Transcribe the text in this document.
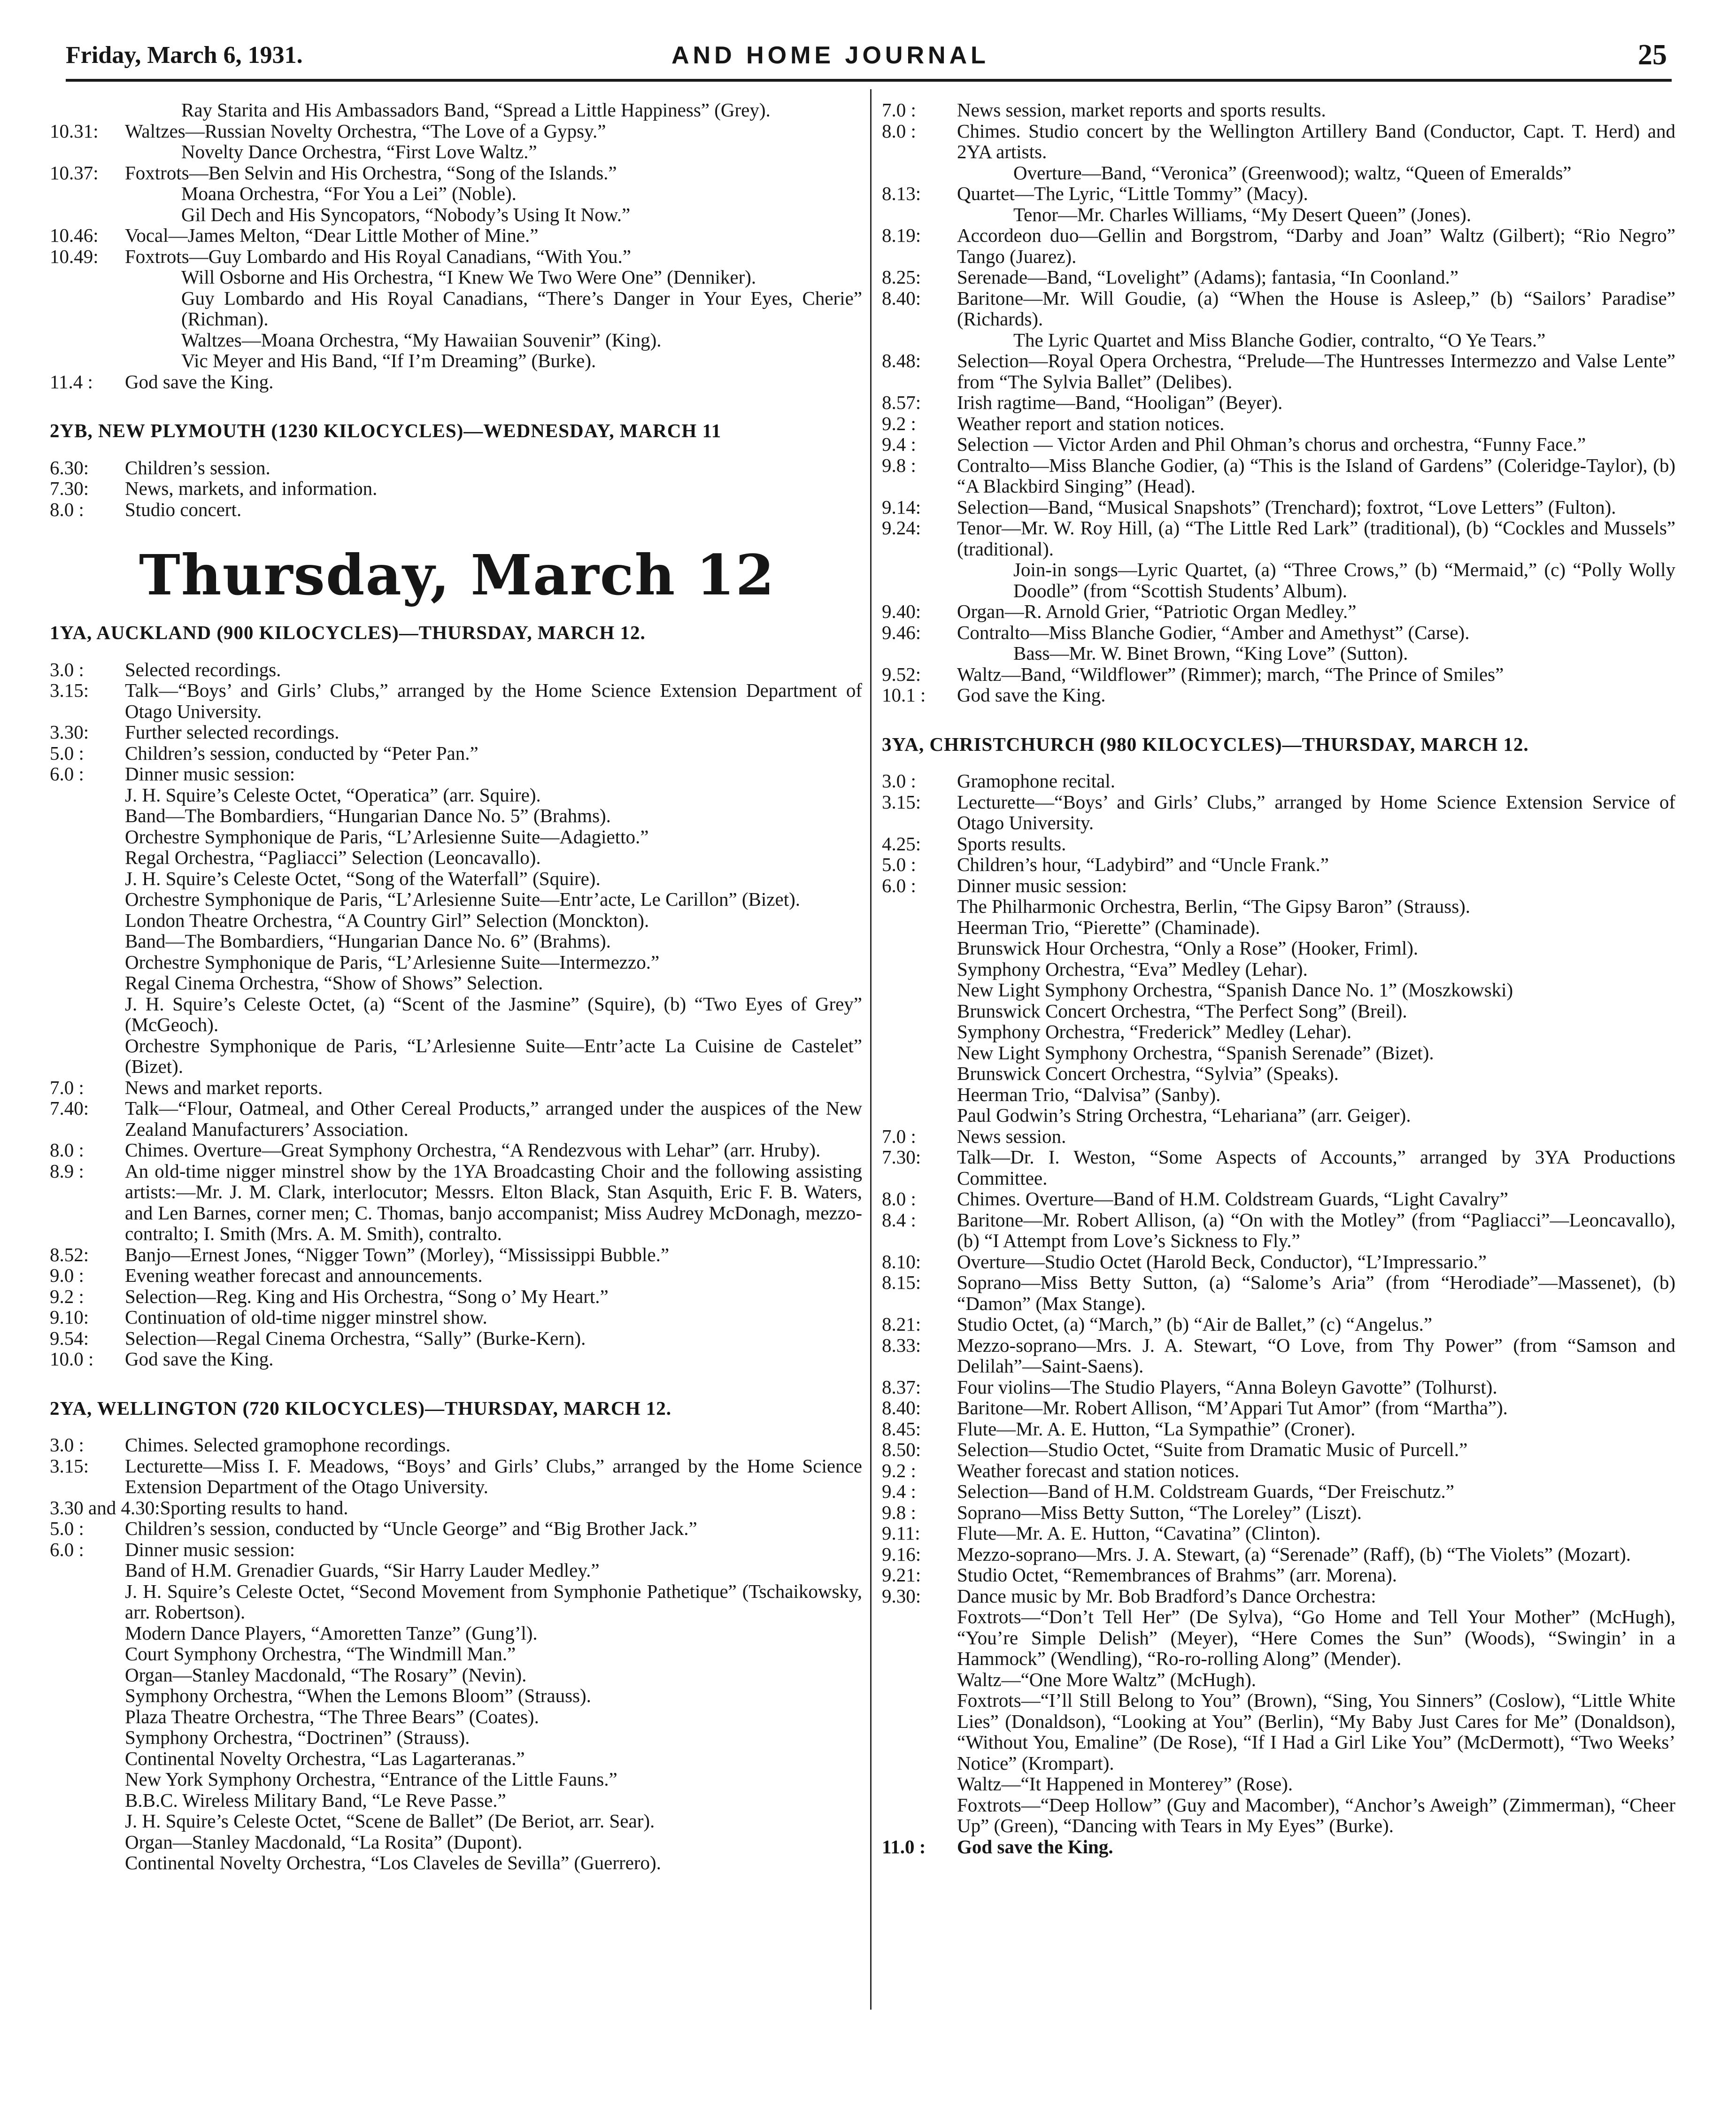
Friday, March 6, 1931.	AND HOME JOURNAL	25
Ray Starita and His Ambassadors Band, “Spread a Little Happiness” (Grey).
10.31:	Waltzes—Russian Novelty Orchestra, “The Love of a Gypsy.”
Novelty Dance Orchestra, “First Love Waltz.”
10.37:	Foxtrots—Ben Selvin and His Orchestra, “Song of the Islands.”
Moana Orchestra, “For You a Lei” (Noble).
Gil Dech and His Syncopators, “Nobody’s Using It Now.”
10.46:	Vocal—James Melton, “Dear Little Mother of Mine.”
10.49:	Foxtrots—Guy Lombardo and His Royal Canadians, “With You.”
Will Osborne and His Orchestra, “I Knew We Two Were One” (Denniker).
Guy Lombardo and His Royal Canadians, “There’s Danger in Your Eyes, Cherie” (Richman).
Waltzes—Moana Orchestra, “My Hawaiian Souvenir” (King).
Vic Meyer and His Band, “If I’m Dreaming” (Burke).
11.4 :	God save the King.
2YB, NEW PLYMOUTH (1230 KILOCYCLES)—WEDNESDAY, MARCH 11
6.30:	Children’s session.
7.30:	News, markets, and information.
8.0 :	Studio concert.
Thursday, March 12
1YA, AUCKLAND (900 KILOCYCLES)—THURSDAY, MARCH 12.
3.0 :	Selected recordings.
3.15:	Talk—“Boys’ and Girls’ Clubs,” arranged by the Home Science Extension Department of Otago University.
3.30:	Further selected recordings.
5.0 :	Children’s session, conducted by “Peter Pan.”
6.0 :	Dinner music session:
J. H. Squire’s Celeste Octet, “Operatica” (arr. Squire).
Band—The Bombardiers, “Hungarian Dance No. 5” (Brahms).
Orchestre Symphonique de Paris, “L’Arlesienne Suite—Adagietto.”
Regal Orchestra, “Pagliacci” Selection (Leoncavallo).
J. H. Squire’s Celeste Octet, “Song of the Waterfall” (Squire).
Orchestre Symphonique de Paris, “L’Arlesienne Suite—Entr’acte, Le Carillon” (Bizet).
London Theatre Orchestra, “A Country Girl” Selection (Monckton).
Band—The Bombardiers, “Hungarian Dance No. 6” (Brahms).
Orchestre Symphonique de Paris, “L’Arlesienne Suite—Intermezzo.”
Regal Cinema Orchestra, “Show of Shows” Selection.
J. H. Squire’s Celeste Octet, (a) “Scent of the Jasmine” (Squire), (b) “Two Eyes of Grey” (McGeoch).
Orchestre Symphonique de Paris, “L’Arlesienne Suite—Entr’acte La Cuisine de Castelet” (Bizet).
7.0 :	News and market reports.
7.40:	Talk—“Flour, Oatmeal, and Other Cereal Products,” arranged under the auspices of the New Zealand Manufacturers’ Association.
8.0 :	Chimes. Overture—Great Symphony Orchestra, “A Rendezvous with Lehar” (arr. Hruby).
8.9 :	An old-time nigger minstrel show by the 1YA Broadcasting Choir and the following assisting artists:—Mr. J. M. Clark, interlocutor; Messrs. Elton Black, Stan Asquith, Eric F. B. Waters, and Len Barnes, corner men; C. Thomas, banjo accompanist; Miss Audrey McDonagh, mezzo-contralto; I. Smith (Mrs. A. M. Smith), contralto.
8.52:	Banjo—Ernest Jones, “Nigger Town” (Morley), “Mississippi Bubble.”
9.0 :	Evening weather forecast and announcements.
9.2 :	Selection—Reg. King and His Orchestra, “Song o’ My Heart.”
9.10:	Continuation of old-time nigger minstrel show.
9.54:	Selection—Regal Cinema Orchestra, “Sally” (Burke-Kern).
10.0 :	God save the King.
2YA, WELLINGTON (720 KILOCYCLES)—THURSDAY, MARCH 12.
3.0 :	Chimes. Selected gramophone recordings.
3.15:	Lecturette—Miss I. F. Meadows, “Boys’ and Girls’ Clubs,” arranged by the Home Science Extension Department of the Otago University.
3.30 and 4.30: Sporting results to hand.
5.0 :	Children’s session, conducted by “Uncle George” and “Big Brother Jack.”
6.0 :	Dinner music session:
Band of H.M. Grenadier Guards, “Sir Harry Lauder Medley.”
J. H. Squire’s Celeste Octet, “Second Movement from Symphonie Pathetique” (Tschaikowsky, arr. Robertson).
Modern Dance Players, “Amoretten Tanze” (Gung’l).
Court Symphony Orchestra, “The Windmill Man.”
Organ—Stanley Macdonald, “The Rosary” (Nevin).
Symphony Orchestra, “When the Lemons Bloom” (Strauss).
Plaza Theatre Orchestra, “The Three Bears” (Coates).
Symphony Orchestra, “Doctrinen” (Strauss).
Continental Novelty Orchestra, “Las Lagarteranas.”
New York Symphony Orchestra, “Entrance of the Little Fauns.”
B.B.C. Wireless Military Band, “Le Reve Passe.”
J. H. Squire’s Celeste Octet, “Scene de Ballet” (De Beriot, arr. Sear).
Organ—Stanley Macdonald, “La Rosita” (Dupont).
Continental Novelty Orchestra, “Los Claveles de Sevilla” (Guerrero).
7.0 :	News session, market reports and sports results.
8.0 :	Chimes. Studio concert by the Wellington Artillery Band (Conductor, Capt. T. Herd) and 2YA artists.
Overture—Band, “Veronica” (Greenwood); waltz, “Queen of Emeralds”
8.13:	Quartet—The Lyric, “Little Tommy” (Macy).
Tenor—Mr. Charles Williams, “My Desert Queen” (Jones).
8.19:	Accordeon duo—Gellin and Borgstrom, “Darby and Joan” Waltz (Gilbert); “Rio Negro” Tango (Juarez).
8.25:	Serenade—Band, “Lovelight” (Adams); fantasia, “In Coonland.”
8.40:	Baritone—Mr. Will Goudie, (a) “When the House is Asleep,” (b) “Sailors’ Paradise” (Richards).
The Lyric Quartet and Miss Blanche Godier, contralto, “O Ye Tears.”
8.48:	Selection—Royal Opera Orchestra, “Prelude—The Huntresses Intermezzo and Valse Lente” from “The Sylvia Ballet” (Delibes).
8.57:	Irish ragtime—Band, “Hooligan” (Beyer).
9.2 :	Weather report and station notices.
9.4 :	Selection — Victor Arden and Phil Ohman’s chorus and orchestra, “Funny Face.”
9.8 :	Contralto—Miss Blanche Godier, (a) “This is the Island of Gardens” (Coleridge-Taylor), (b) “A Blackbird Singing” (Head).
9.14:	Selection—Band, “Musical Snapshots” (Trenchard); foxtrot, “Love Letters” (Fulton).
9.24:	Tenor—Mr. W. Roy Hill, (a) “The Little Red Lark” (traditional), (b) “Cockles and Mussels” (traditional).
Join-in songs—Lyric Quartet, (a) “Three Crows,” (b) “Mermaid,” (c) “Polly Wolly Doodle” (from “Scottish Students’ Album).
9.40:	Organ—R. Arnold Grier, “Patriotic Organ Medley.”
9.46:	Contralto—Miss Blanche Godier, “Amber and Amethyst” (Carse).
Bass—Mr. W. Binet Brown, “King Love” (Sutton).
9.52:	Waltz—Band, “Wildflower” (Rimmer); march, “The Prince of Smiles”
10.1 :	God save the King.
3YA, CHRISTCHURCH (980 KILOCYCLES)—THURSDAY, MARCH 12.
3.0 :	Gramophone recital.
3.15:	Lecturette—“Boys’ and Girls’ Clubs,” arranged by Home Science Extension Service of Otago University.
4.25:	Sports results.
5.0 :	Children’s hour, “Ladybird” and “Uncle Frank.”
6.0 :	Dinner music session:
The Philharmonic Orchestra, Berlin, “The Gipsy Baron” (Strauss).
Heerman Trio, “Pierette” (Chaminade).
Brunswick Hour Orchestra, “Only a Rose” (Hooker, Friml).
Symphony Orchestra, “Eva” Medley (Lehar).
New Light Symphony Orchestra, “Spanish Dance No. 1” (Moszkowski)
Brunswick Concert Orchestra, “The Perfect Song” (Breil).
Symphony Orchestra, “Frederick” Medley (Lehar).
New Light Symphony Orchestra, “Spanish Serenade” (Bizet).
Brunswick Concert Orchestra, “Sylvia” (Speaks).
Heerman Trio, “Dalvisa” (Sanby).
Paul Godwin’s String Orchestra, “Lehariana” (arr. Geiger).
7.0 :	News session.
7.30:	Talk—Dr. I. Weston, “Some Aspects of Accounts,” arranged by 3YA Productions Committee.
8.0 :	Chimes. Overture—Band of H.M. Coldstream Guards, “Light Cavalry”
8.4 :	Baritone—Mr. Robert Allison, (a) “On with the Motley” (from “Pagliacci”—Leoncavallo), (b) “I Attempt from Love’s Sickness to Fly.”
8.10:	Overture—Studio Octet (Harold Beck, Conductor), “L’Impressario.”
8.15:	Soprano—Miss Betty Sutton, (a) “Salome’s Aria” (from “Herodiade”—Massenet), (b) “Damon” (Max Stange).
8.21:	Studio Octet, (a) “March,” (b) “Air de Ballet,” (c) “Angelus.”
8.33:	Mezzo-soprano—Mrs. J. A. Stewart, “O Love, from Thy Power” (from “Samson and Delilah”—Saint-Saens).
8.37:	Four violins—The Studio Players, “Anna Boleyn Gavotte” (Tolhurst).
8.40:	Baritone—Mr. Robert Allison, “M’Appari Tut Amor” (from “Martha”).
8.45:	Flute—Mr. A. E. Hutton, “La Sympathie” (Croner).
8.50:	Selection—Studio Octet, “Suite from Dramatic Music of Purcell.”
9.2 :	Weather forecast and station notices.
9.4 :	Selection—Band of H.M. Coldstream Guards, “Der Freischutz.”
9.8 :	Soprano—Miss Betty Sutton, “The Loreley” (Liszt).
9.11:	Flute—Mr. A. E. Hutton, “Cavatina” (Clinton).
9.16:	Mezzo-soprano—Mrs. J. A. Stewart, (a) “Serenade” (Raff), (b) “The Violets” (Mozart).
9.21:	Studio Octet, “Remembrances of Brahms” (arr. Morena).
9.30:	Dance music by Mr. Bob Bradford’s Dance Orchestra:
Foxtrots—“Don’t Tell Her” (De Sylva), “Go Home and Tell Your Mother” (McHugh), “You’re Simple Delish” (Meyer), “Here Comes the Sun” (Woods), “Swingin’ in a Hammock” (Wendling), “Ro-ro-rolling Along” (Mender).
Waltz—“One More Waltz” (McHugh).
Foxtrots—“I’ll Still Belong to You” (Brown), “Sing, You Sinners” (Coslow), “Little White Lies” (Donaldson), “Looking at You” (Berlin), “My Baby Just Cares for Me” (Donaldson), “Without You, Emaline” (De Rose), “If I Had a Girl Like You” (McDermott), “Two Weeks’ Notice” (Krompart).
Waltz—“It Happened in Monterey” (Rose).
Foxtrots—“Deep Hollow” (Guy and Macomber), “Anchor’s Aweigh” (Zimmerman), “Cheer Up” (Green), “Dancing with Tears in My Eyes” (Burke).
11.0 :	God save the King.
